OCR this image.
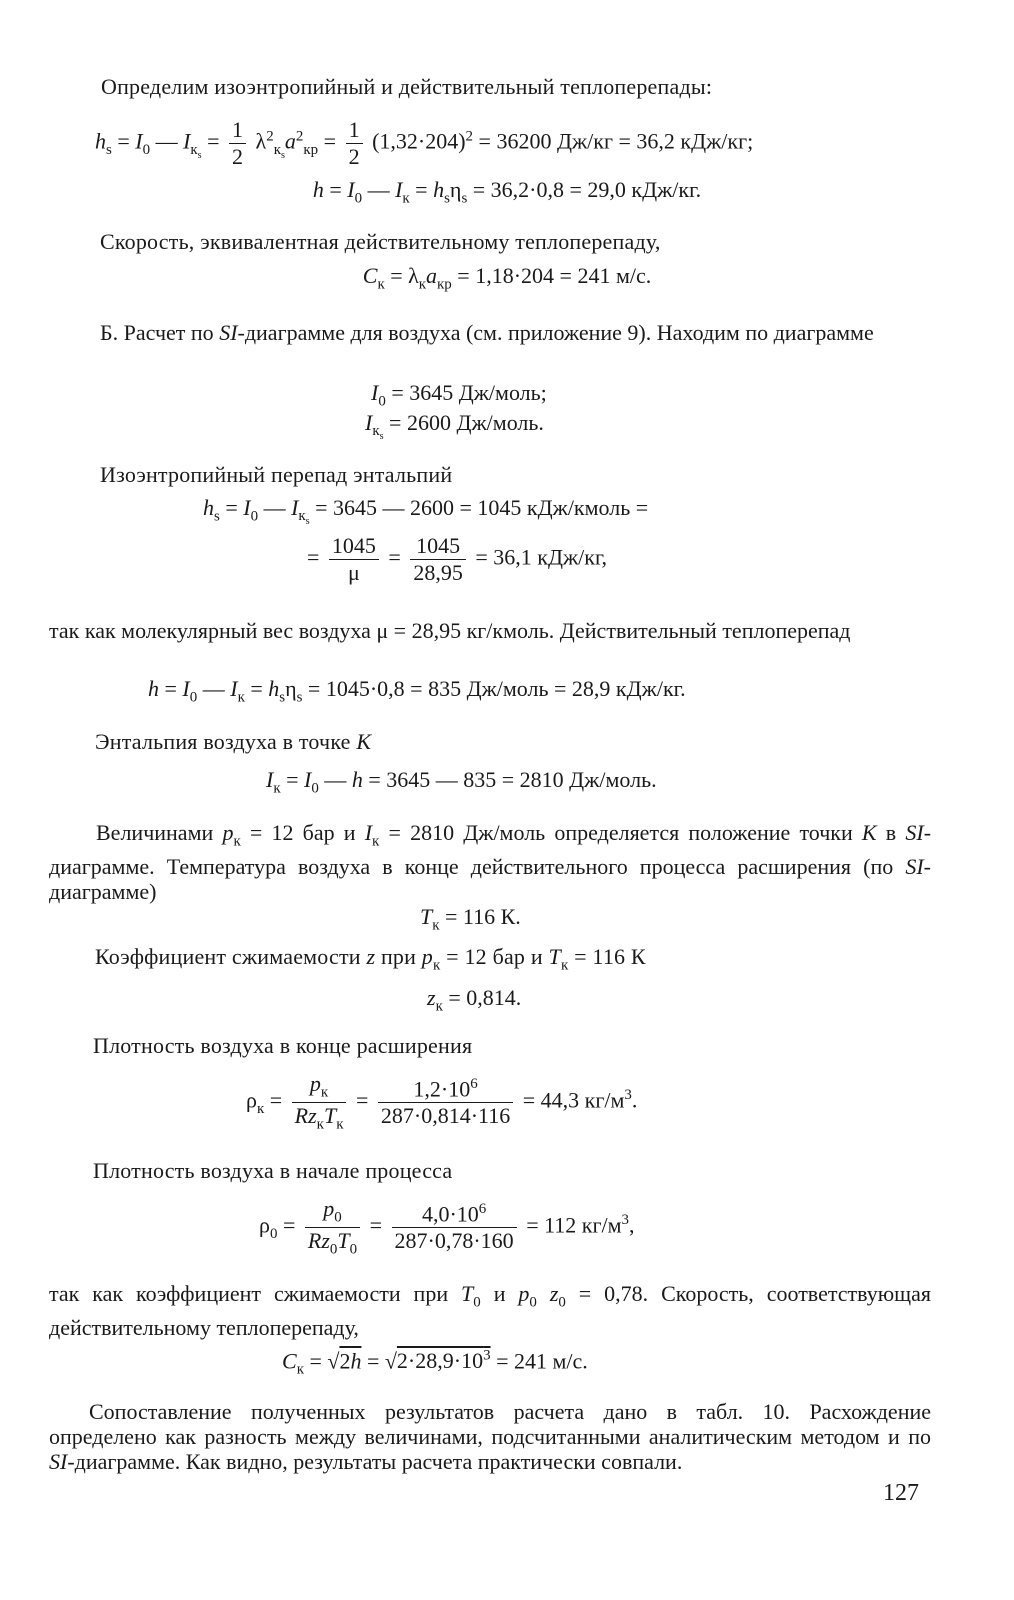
Определим изоэнтропийный и действительный теплоперепады:
$h_s = I_0$ — $I_{к_s} = \frac{1}{2} \lambda^2_{к_s}a^2_{кр} = \frac{1}{2} (1,32\cdot 204)^2 = 36200$ Дж/кг = 36,2 кДж/кг;
$h = I_0$ — $I_к = h_s\eta_s = 36,2\cdot 0,8 = 29,0$ кДж/кг.
Скорость, эквивалентная действительному теплоперепаду,
$C_к = \lambda_кa_{кр} = 1,18\cdot 204 = 241$ м/с.
Б. Расчет по SI-диаграмме для воздуха (см. приложение 9). Находим по диаграмме
$I_0 = 3645$ Дж/моль;
$I_{к_s} = 2600$ Дж/моль.
Изоэнтропийный перепад энтальпий
$h_s = I_0$ — $I_{к_s} = 3645$ — 2600 = 1045 кДж/кмоль =
= $\frac{1045}{\mu} = \frac{1045}{28,95} = 36,1$ кДж/кг,
так как молекулярный вес воздуха μ = 28,95 кг/кмоль. Действительный теплоперепад
$h = I_0$ — $I_к = h_s\eta_s = 1045\cdot 0,8 = 835$ Дж/моль = 28,9 кДж/кг.
Энтальпия воздуха в точке K
$I_к = I_0$ — h = 3645 — 835 = 2810 Дж/моль.
Величинами $p_к = 12$ бар и $I_к = 2810$ Дж/моль определяется положение точки K в SI-диаграмме. Температура воздуха в конце действительного процесса расширения (по SI-диаграмме)
$T_к = 116$ К.
Коэффициент сжимаемости z при $p_к = 12$ бар и $T_к = 116$ К
$z_к = 0,814$.
Плотность воздуха в конце расширения
$\rho_к = \frac{p_к}{Rz_кT_к} = \frac{1,2\cdot 10^6}{287\cdot 0,814\cdot 116} = 44,3$ $кг/м^3$.
Плотность воздуха в начале процесса
$\rho_0 = \frac{p_0}{Rz_0T_0} = \frac{4,0\cdot 10^6}{287\cdot 0,78\cdot 160} = 112$ $кг/м^3$,
так как коэффициент сжимаемости при $T_0$ и $p_0$ $z_0 = 0,78$. Скорость, соответствующая действительному теплоперепаду,
$C_к = √2h = √2\cdot 28,9\cdot 10^3 = 241$ м/с.
Сопоставление полученных результатов расчета дано в табл. 10. Расхождение определено как разность между величинами, подсчитанными аналитическим методом и по SI-диаграмме. Как видно, результаты расчета практически совпали.
127
